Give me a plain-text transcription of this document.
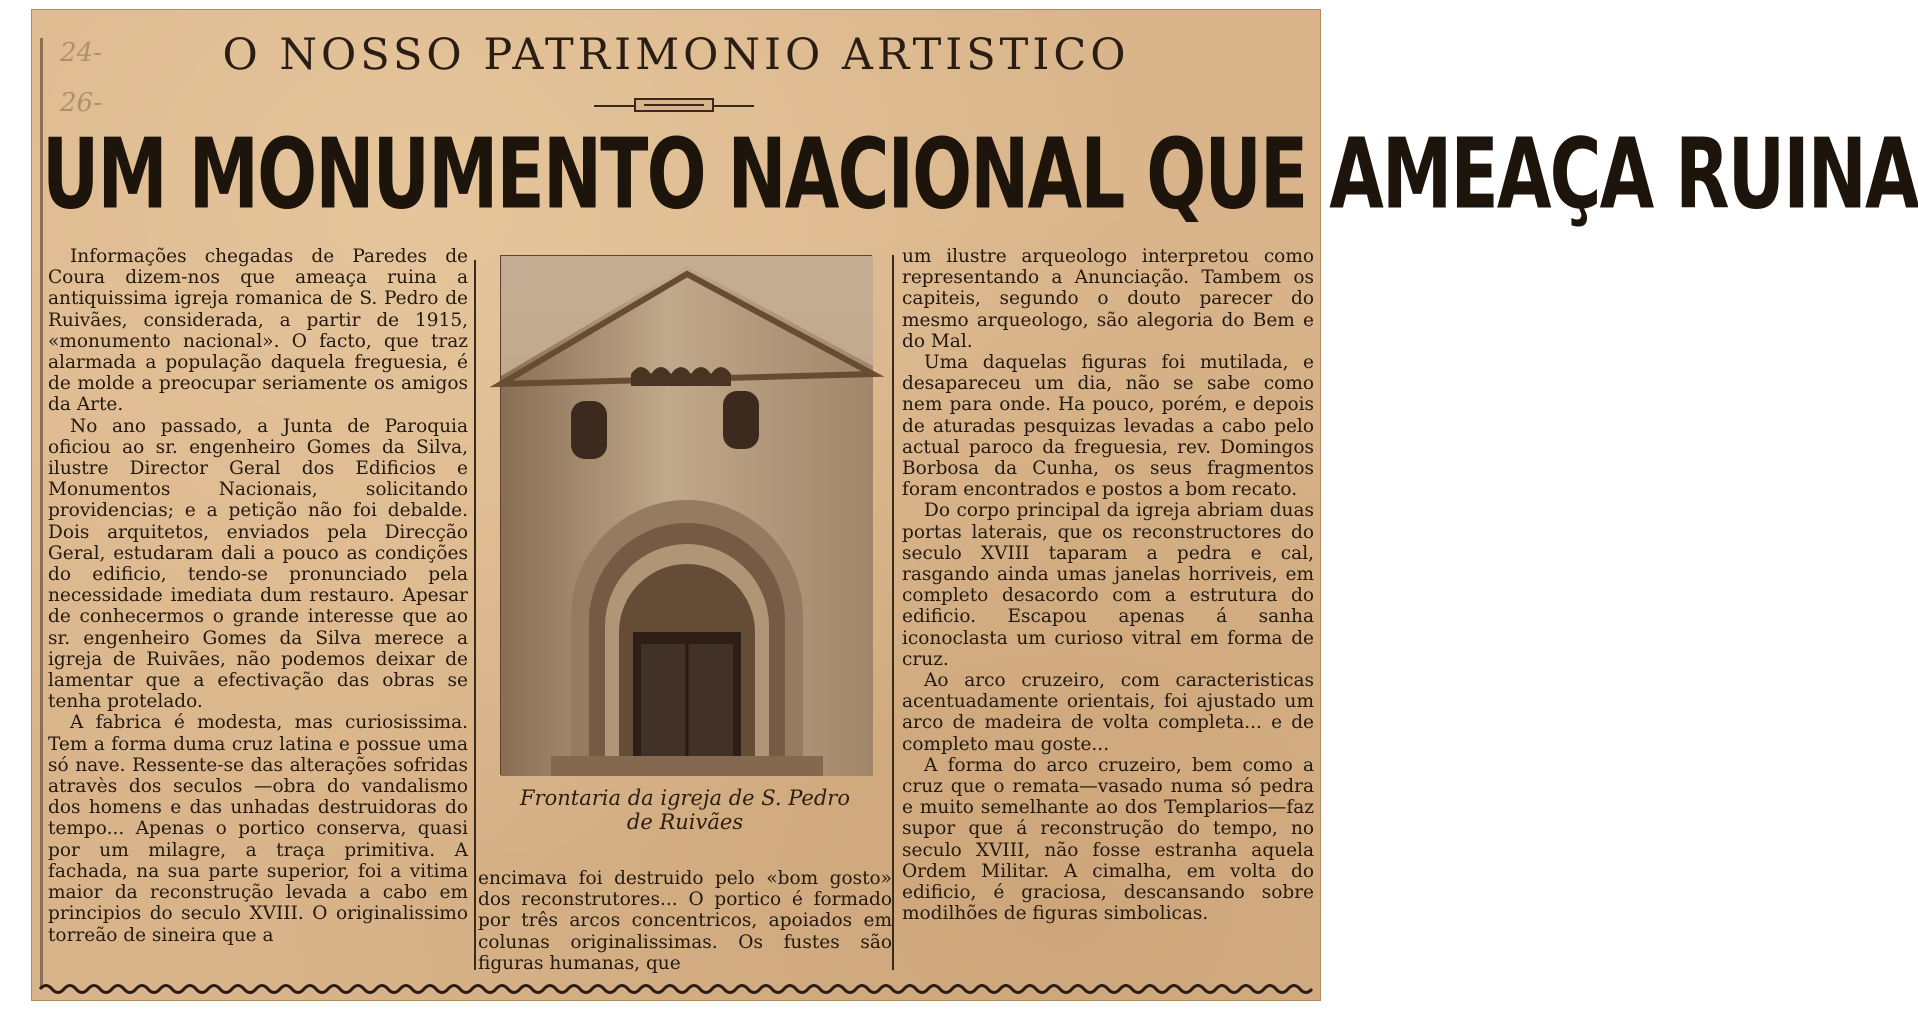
24-
26-
O NOSSO PATRIMONIO ARTISTICO
UM MONUMENTO NACIONAL QUE AMEAÇA RUINA

Informações chegadas de Paredes de Coura dizem-nos que ameaça ruina a antiquissima igreja romanica de S. Pedro de Ruivães, considerada, a partir de 1915, «monumento nacional». O facto, que traz alarmada a população daquela freguesia, é de molde a preocupar seriamente os amigos da Arte.

No ano passado, a Junta de Paroquia oficiou ao sr. engenheiro Gomes da Silva, ilustre Director Geral dos Edificios e Monumentos Nacionais, solicitando providencias; e a petição não foi debalde. Dois arquitetos, enviados pela Direcção Geral, estudaram dali a pouco as condições do edificio, tendo-se pronunciado pela necessidade imediata dum restauro. Apesar de conhecermos o grande interesse que ao sr. engenheiro Gomes da Silva merece a igreja de Ruivães, não podemos deixar de lamentar que a efectivação das obras se tenha protelado.

A fabrica é modesta, mas curiosissima. Tem a forma duma cruz latina e possue uma só nave. Ressente-se das alterações sofridas atravès dos seculos —obra do vandalismo dos homens e das unhadas destruidoras do tempo... Apenas o portico conserva, quasi por um milagre, a traça primitiva. A fachada, na sua parte superior, foi a vitima maior da reconstrução levada a cabo em principios do seculo XVIII. O originalissimo torreão de sineira que a

Frontaria da igreja de S. Pedro
de Ruivães

encimava foi destruido pelo «bom gosto» dos reconstrutores... O portico é formado por três arcos concentricos, apoiados em colunas originalissimas. Os fustes são figuras humanas, que

um ilustre arqueologo interpretou como representando a Anunciação. Tambem os capiteis, segundo o douto parecer do mesmo arqueologo, são alegoria do Bem e do Mal.

Uma daquelas figuras foi mutilada, e desapareceu um dia, não se sabe como nem para onde. Ha pouco, porém, e depois de aturadas pesquizas levadas a cabo pelo actual paroco da freguesia, rev. Domingos Borbosa da Cunha, os seus fragmentos foram encontrados e postos a bom recato.

Do corpo principal da igreja abriam duas portas laterais, que os reconstructores do seculo XVIII taparam a pedra e cal, rasgando ainda umas janelas horriveis, em completo desacordo com a estrutura do edificio. Escapou apenas á sanha iconoclasta um curioso vitral em forma de cruz.

Ao arco cruzeiro, com caracteristicas acentuadamente orientais, foi ajustado um arco de madeira de volta completa... e de completo mau goste...

A forma do arco cruzeiro, bem como a cruz que o remata—vasado numa só pedra e muito semelhante ao dos Templarios—faz supor que á reconstrução do tempo, no seculo XVIII, não fosse estranha aquela Ordem Militar. A cimalha, em volta do edificio, é graciosa, descansando sobre modilhões de figuras simbolicas.
